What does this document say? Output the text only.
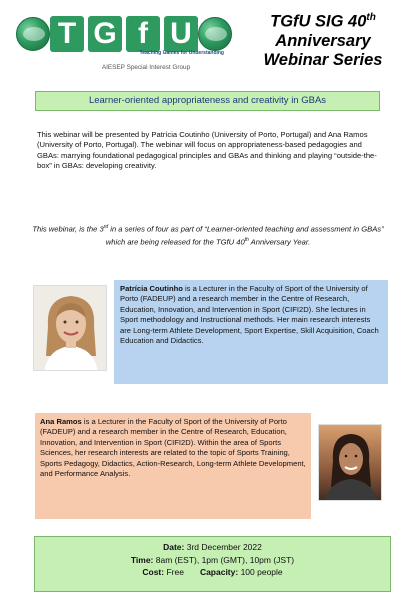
T G f U
Teaching Games for Understanding
AIESEP Special Interest Group
TGfU SIG 40th
Anniversary
Webinar Series
Learner-oriented appropriateness and creativity in GBAs

This webinar will be presented by Patrícia Coutinho (University of Porto, Portugal) and Ana Ramos (University of Porto, Portugal). The webinar will focus on appropriateness-based pedagogies and GBAs: marrying foundational pedagogical principles and GBAs and thinking and playing “outside-the-box” in GBAs: developing creativity.

This webinar, is the 3rd in a series of four as part of “Learner-oriented teaching and assessment in GBAs” which are being released for the TGfU 40th Anniversary Year.

Patrícia Coutinho is a Lecturer in the Faculty of Sport of the University of Porto (FADEUP) and a research member in the Centre of Research, Education, Innovation, and Intervention in Sport (CIFI2D). She lectures in Sport methodology and Instructional methods. Her main research interests are Long-term Athlete Development, Sport Expertise, Skill Acquisition, Coach Education and Didactics.
Ana Ramos is a Lecturer in the Faculty of Sport of the University of Porto (FADEUP) and a research member in the Centre of Research, Education, Innovation, and Intervention in Sport (CIFI2D). Within the area of Sports Sciences, her research interests are related to the topic of Sports Training, Sports Pedagogy, Didactics, Action-Research, Long-term Athlete Development, and Performance Analysis.
Date: 3rd December 2022
Time: 8am (EST), 1pm (GMT), 10pm (JST)
Cost: Free Capacity: 100 people
